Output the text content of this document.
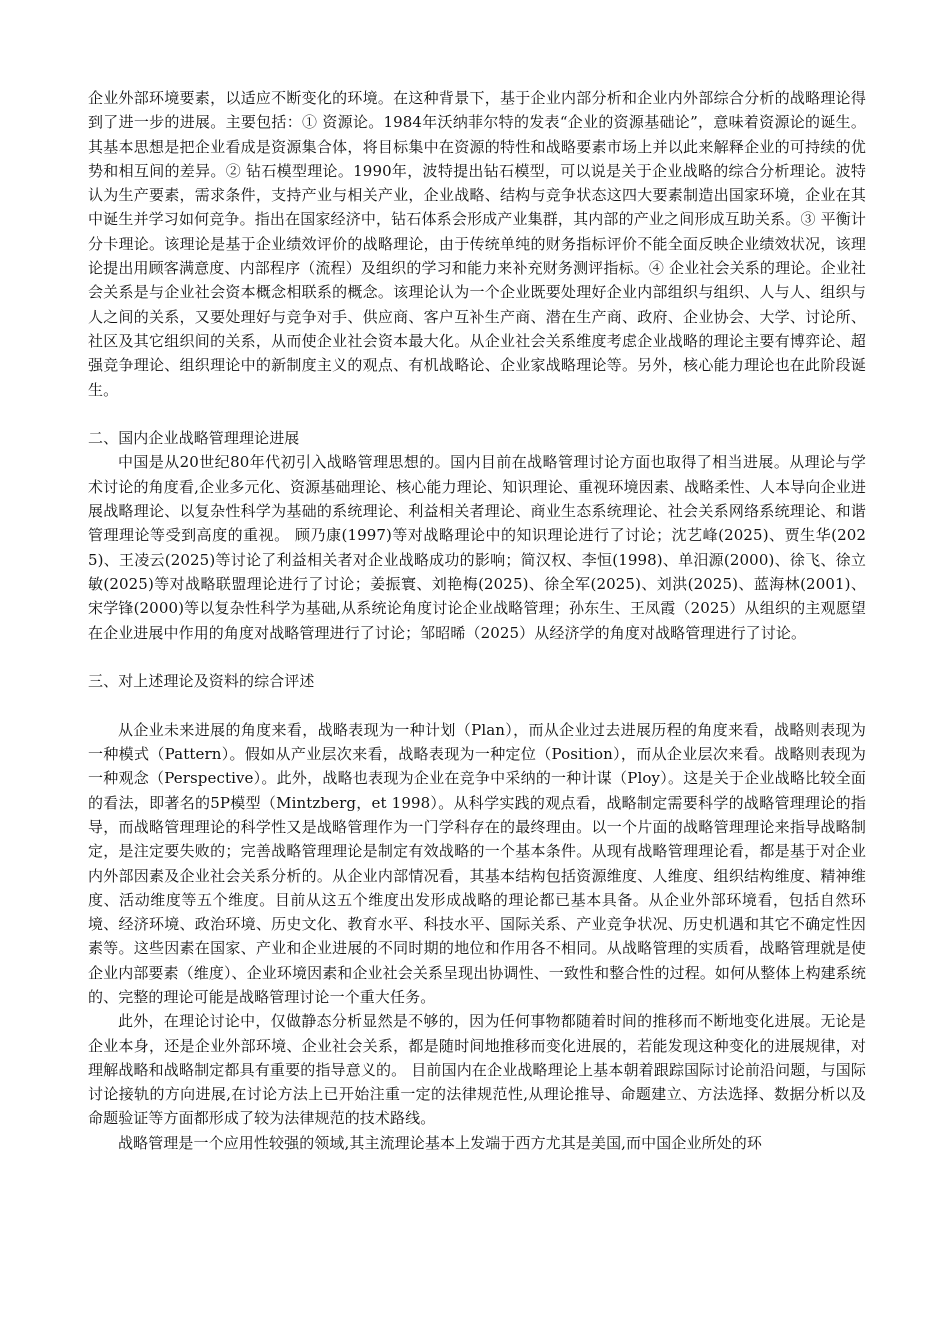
企业外部环境要素，以适应不断变化的环境。在这种背景下，基于企业内部分析和企业内外部综合分析的战略理论得到了进一步的进展。主要包括：① 资源论。1984年沃纳菲尔特的发表“企业的资源基础论”，意味着资源论的诞生。其基本思想是把企业看成是资源集合体，将目标集中在资源的特性和战略要素市场上并以此来解释企业的可持续的优势和相互间的差异。② 钻石模型理论。1990年，波特提出钻石模型，可以说是关于企业战略的综合分析理论。波特认为生产要素，需求条件，支持产业与相关产业，企业战略、结构与竞争状态这四大要素制造出国家环境，企业在其中诞生并学习如何竞争。指出在国家经济中，钻石体系会形成产业集群，其内部的产业之间形成互助关系。③ 平衡计分卡理论。该理论是基于企业绩效评价的战略理论，由于传统单纯的财务指标评价不能全面反映企业绩效状况，该理论提出用顾客满意度、内部程序（流程）及组织的学习和能力来补充财务测评指标。④ 企业社会关系的理论。企业社会关系是与企业社会资本概念相联系的概念。该理论认为一个企业既要处理好企业内部组织与组织、人与人、组织与人之间的关系，又要处理好与竞争对手、供应商、客户互补生产商、潜在生产商、政府、企业协会、大学、讨论所、社区及其它组织间的关系，从而使企业社会资本最大化。从企业社会关系维度考虑企业战略的理论主要有博弈论、超强竞争理论、组织理论中的新制度主义的观点、有机战略论、企业家战略理论等。另外，核心能力理论也在此阶段诞生。

二、国内企业战略管理理论进展

中国是从20世纪80年代初引入战略管理思想的。国内目前在战略管理讨论方面也取得了相当进展。从理论与学术讨论的角度看,企业多元化、资源基础理论、核心能力理论、知识理论、重视环境因素、战略柔性、人本导向企业进展战略理论、以复杂性科学为基础的系统理论、利益相关者理论、商业生态系统理论、社会关系网络系统理论、和谐管理理论等受到高度的重视。 顾乃康(1997)等对战略理论中的知识理论进行了讨论；沈艺峰(2025)、贾生华(2025)、王凌云(2025)等讨论了利益相关者对企业战略成功的影响；简汉权、李恒(1998)、单汨源(2000)、徐飞、徐立敏(2025)等对战略联盟理论进行了讨论；姜振寰、刘艳梅(2025)、徐全军(2025)、刘洪(2025)、蓝海林(2001)、宋学锋(2000)等以复杂性科学为基础,从系统论角度讨论企业战略管理；孙东生、王凤霞（2025）从组织的主观愿望在企业进展中作用的角度对战略管理进行了讨论；邹昭晞（2025）从经济学的角度对战略管理进行了讨论。

三、对上述理论及资料的综合评述

从企业未来进展的角度来看，战略表现为一种计划（Plan），而从企业过去进展历程的角度来看，战略则表现为一种模式（Pattern）。假如从产业层次来看，战略表现为一种定位（Position），而从企业层次来看。战略则表现为一种观念（Perspective）。此外，战略也表现为企业在竞争中采纳的一种计谋（Ploy）。这是关于企业战略比较全面的看法，即著名的5P模型（Mintzberg，et 1998）。从科学实践的观点看，战略制定需要科学的战略管理理论的指导，而战略管理理论的科学性又是战略管理作为一门学科存在的最终理由。以一个片面的战略管理理论来指导战略制定，是注定要失败的；完善战略管理理论是制定有效战略的一个基本条件。从现有战略管理理论看，都是基于对企业内外部因素及企业社会关系分析的。从企业内部情况看，其基本结构包括资源维度、人维度、组织结构维度、精神维度、活动维度等五个维度。目前从这五个维度出发形成战略的理论都已基本具备。从企业外部环境看，包括自然环境、经济环境、政治环境、历史文化、教育水平、科技水平、国际关系、产业竞争状况、历史机遇和其它不确定性因素等。这些因素在国家、产业和企业进展的不同时期的地位和作用各不相同。从战略管理的实质看，战略管理就是使企业内部要素（维度）、企业环境因素和企业社会关系呈现出协调性、一致性和整合性的过程。如何从整体上构建系统的、完整的理论可能是战略管理讨论一个重大任务。

此外，在理论讨论中，仅做静态分析显然是不够的，因为任何事物都随着时间的推移而不断地变化进展。无论是企业本身，还是企业外部环境、企业社会关系，都是随时间地推移而变化进展的，若能发现这种变化的进展规律，对理解战略和战略制定都具有重要的指导意义的。 目前国内在企业战略理论上基本朝着跟踪国际讨论前沿问题，与国际讨论接轨的方向进展,在讨论方法上已开始注重一定的法律规范性,从理论推导、命题建立、方法选择、数据分析以及命题验证等方面都形成了较为法律规范的技术路线。

战略管理是一个应用性较强的领域,其主流理论基本上发端于西方尤其是美国,而中国企业所处的环
